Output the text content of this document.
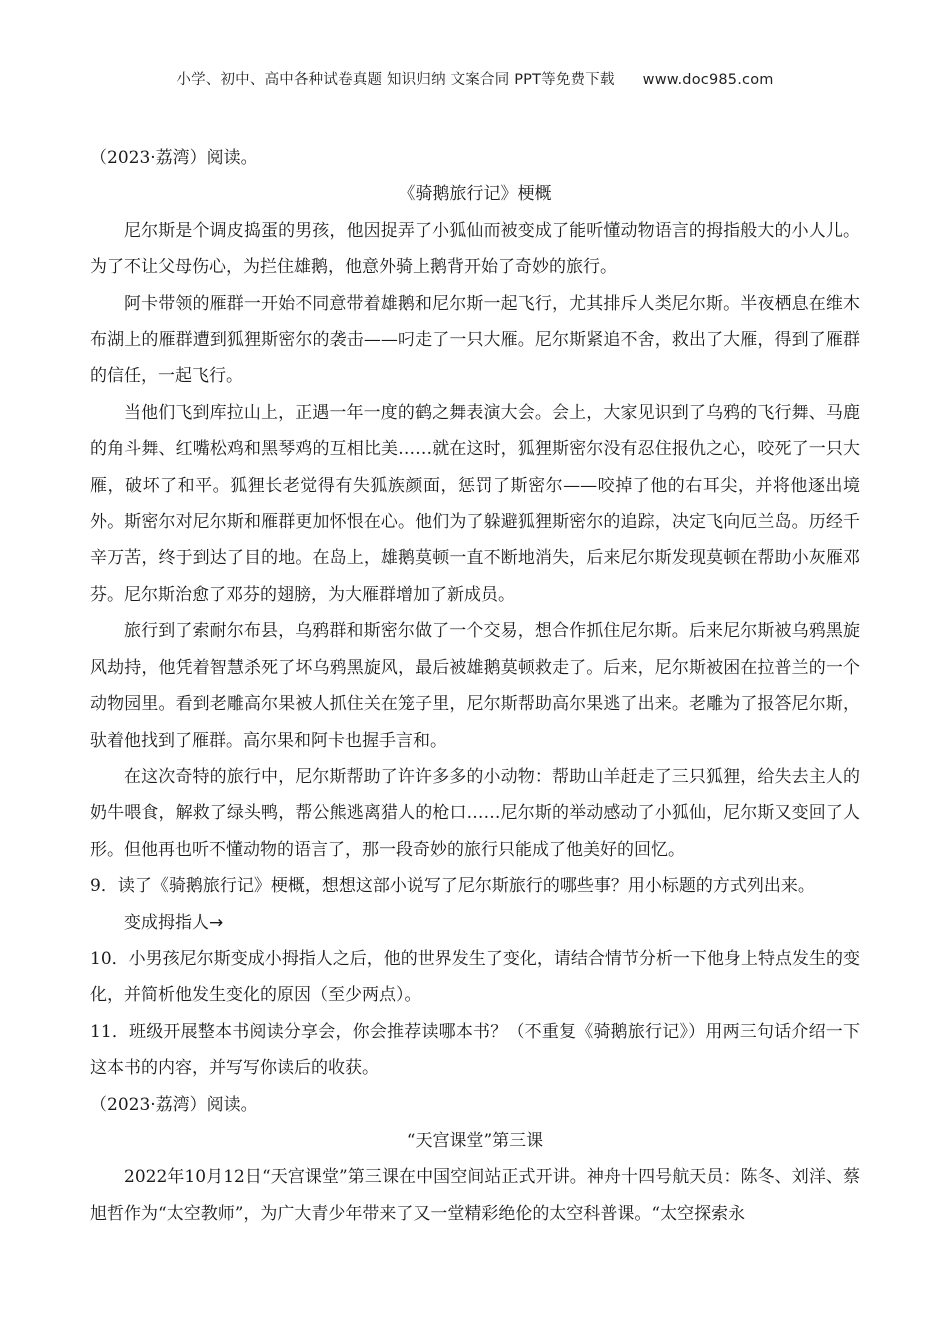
小学、初中、高中各种试卷真题 知识归纳 文案合同 PPT等免费下载 www.doc985.com

（2023·荔湾）阅读。

《骑鹅旅行记》梗概

尼尔斯是个调皮捣蛋的男孩，他因捉弄了小狐仙而被变成了能听懂动物语言的拇指般大的小人儿。为了不让父母伤心，为拦住雄鹅，他意外骑上鹅背开始了奇妙的旅行。

阿卡带领的雁群一开始不同意带着雄鹅和尼尔斯一起飞行，尤其排斥人类尼尔斯。半夜栖息在维木布湖上的雁群遭到狐狸斯密尔的袭击——叼走了一只大雁。尼尔斯紧追不舍，救出了大雁，得到了雁群的信任，一起飞行。

当他们飞到库拉山上，正遇一年一度的鹤之舞表演大会。会上，大家见识到了乌鸦的飞行舞、马鹿的角斗舞、红嘴松鸡和黑琴鸡的互相比美……就在这时，狐狸斯密尔没有忍住报仇之心，咬死了一只大雁，破坏了和平。狐狸长老觉得有失狐族颜面，惩罚了斯密尔——咬掉了他的右耳尖，并将他逐出境外。斯密尔对尼尔斯和雁群更加怀恨在心。他们为了躲避狐狸斯密尔的追踪，决定飞向厄兰岛。历经千辛万苦，终于到达了目的地。在岛上，雄鹅莫顿一直不断地消失，后来尼尔斯发现莫顿在帮助小灰雁邓芬。尼尔斯治愈了邓芬的翅膀，为大雁群增加了新成员。

旅行到了索耐尔布县，乌鸦群和斯密尔做了一个交易，想合作抓住尼尔斯。后来尼尔斯被乌鸦黑旋风劫持，他凭着智慧杀死了坏乌鸦黑旋风，最后被雄鹅莫顿救走了。后来，尼尔斯被困在拉普兰的一个动物园里。看到老雕高尔果被人抓住关在笼子里，尼尔斯帮助高尔果逃了出来。老雕为了报答尼尔斯，驮着他找到了雁群。高尔果和阿卡也握手言和。

在这次奇特的旅行中，尼尔斯帮助了许许多多的小动物：帮助山羊赶走了三只狐狸，给失去主人的奶牛喂食，解救了绿头鸭，帮公熊逃离猎人的枪口……尼尔斯的举动感动了小狐仙，尼尔斯又变回了人形。但他再也听不懂动物的语言了，那一段奇妙的旅行只能成了他美好的回忆。

9．读了《骑鹅旅行记》梗概，想想这部小说写了尼尔斯旅行的哪些事？用小标题的方式列出来。

变成拇指人→

10．小男孩尼尔斯变成小拇指人之后，他的世界发生了变化，请结合情节分析一下他身上特点发生的变化，并简析他发生变化的原因（至少两点）。

11．班级开展整本书阅读分享会，你会推荐读哪本书？（不重复《骑鹅旅行记》）用两三句话介绍一下这本书的内容，并写写你读后的收获。

（2023·荔湾）阅读。

“天宫课堂”第三课

2022年10月12日“天宫课堂”第三课在中国空间站正式开讲。神舟十四号航天员：陈冬、刘洋、蔡旭哲作为“太空教师”，为广大青少年带来了又一堂精彩绝伦的太空科普课。“太空探索永
